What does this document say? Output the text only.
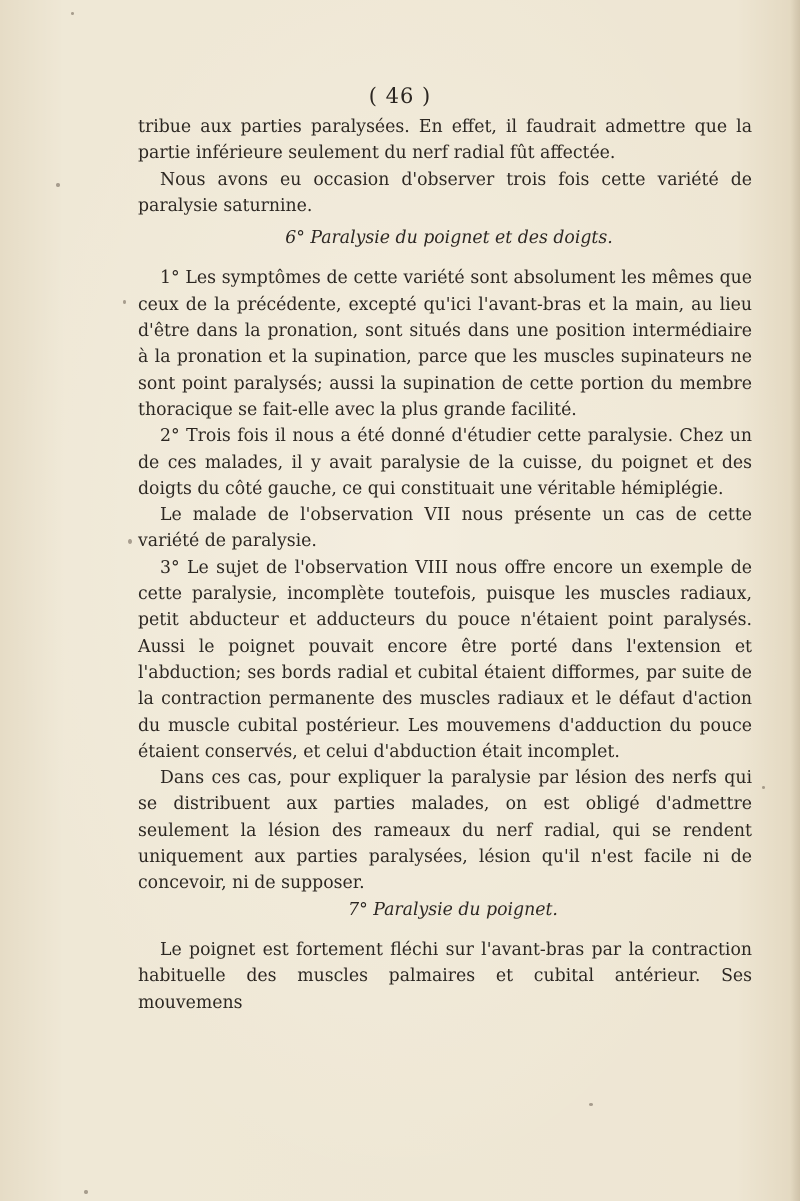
( 46 )

tribue aux parties paralysées. En effet, il faudrait admettre que la partie inférieure seulement du nerf radial fût affectée.

Nous avons eu occasion d'observer trois fois cette variété de paralysie saturnine.

6° Paralysie du poignet et des doigts.

1° Les symptômes de cette variété sont absolument les mêmes que ceux de la précédente, excepté qu'ici l'avant-bras et la main, au lieu d'être dans la pronation, sont situés dans une position intermédiaire à la pronation et la supination, parce que les muscles supinateurs ne sont point paralysés; aussi la supination de cette portion du membre thoracique se fait-elle avec la plus grande facilité.

2° Trois fois il nous a été donné d'étudier cette paralysie. Chez un de ces malades, il y avait paralysie de la cuisse, du poignet et des doigts du côté gauche, ce qui constituait une véritable hémiplégie.

Le malade de l'observation VII nous présente un cas de cette variété de paralysie.

3° Le sujet de l'observation VIII nous offre encore un exemple de cette paralysie, incomplète toutefois, puisque les muscles radiaux, petit abducteur et adducteurs du pouce n'étaient point paralysés. Aussi le poignet pouvait encore être porté dans l'extension et l'abduction; ses bords radial et cubital étaient difformes, par suite de la contraction permanente des muscles radiaux et le défaut d'action du muscle cubital postérieur. Les mouvemens d'adduction du pouce étaient conservés, et celui d'abduction était incomplet.

Dans ces cas, pour expliquer la paralysie par lésion des nerfs qui se distribuent aux parties malades, on est obligé d'admettre seulement la lésion des rameaux du nerf radial, qui se rendent uniquement aux parties paralysées, lésion qu'il n'est facile ni de concevoir, ni de supposer.

7° Paralysie du poignet.

Le poignet est fortement fléchi sur l'avant-bras par la contraction habituelle des muscles palmaires et cubital antérieur. Ses mouvemens
